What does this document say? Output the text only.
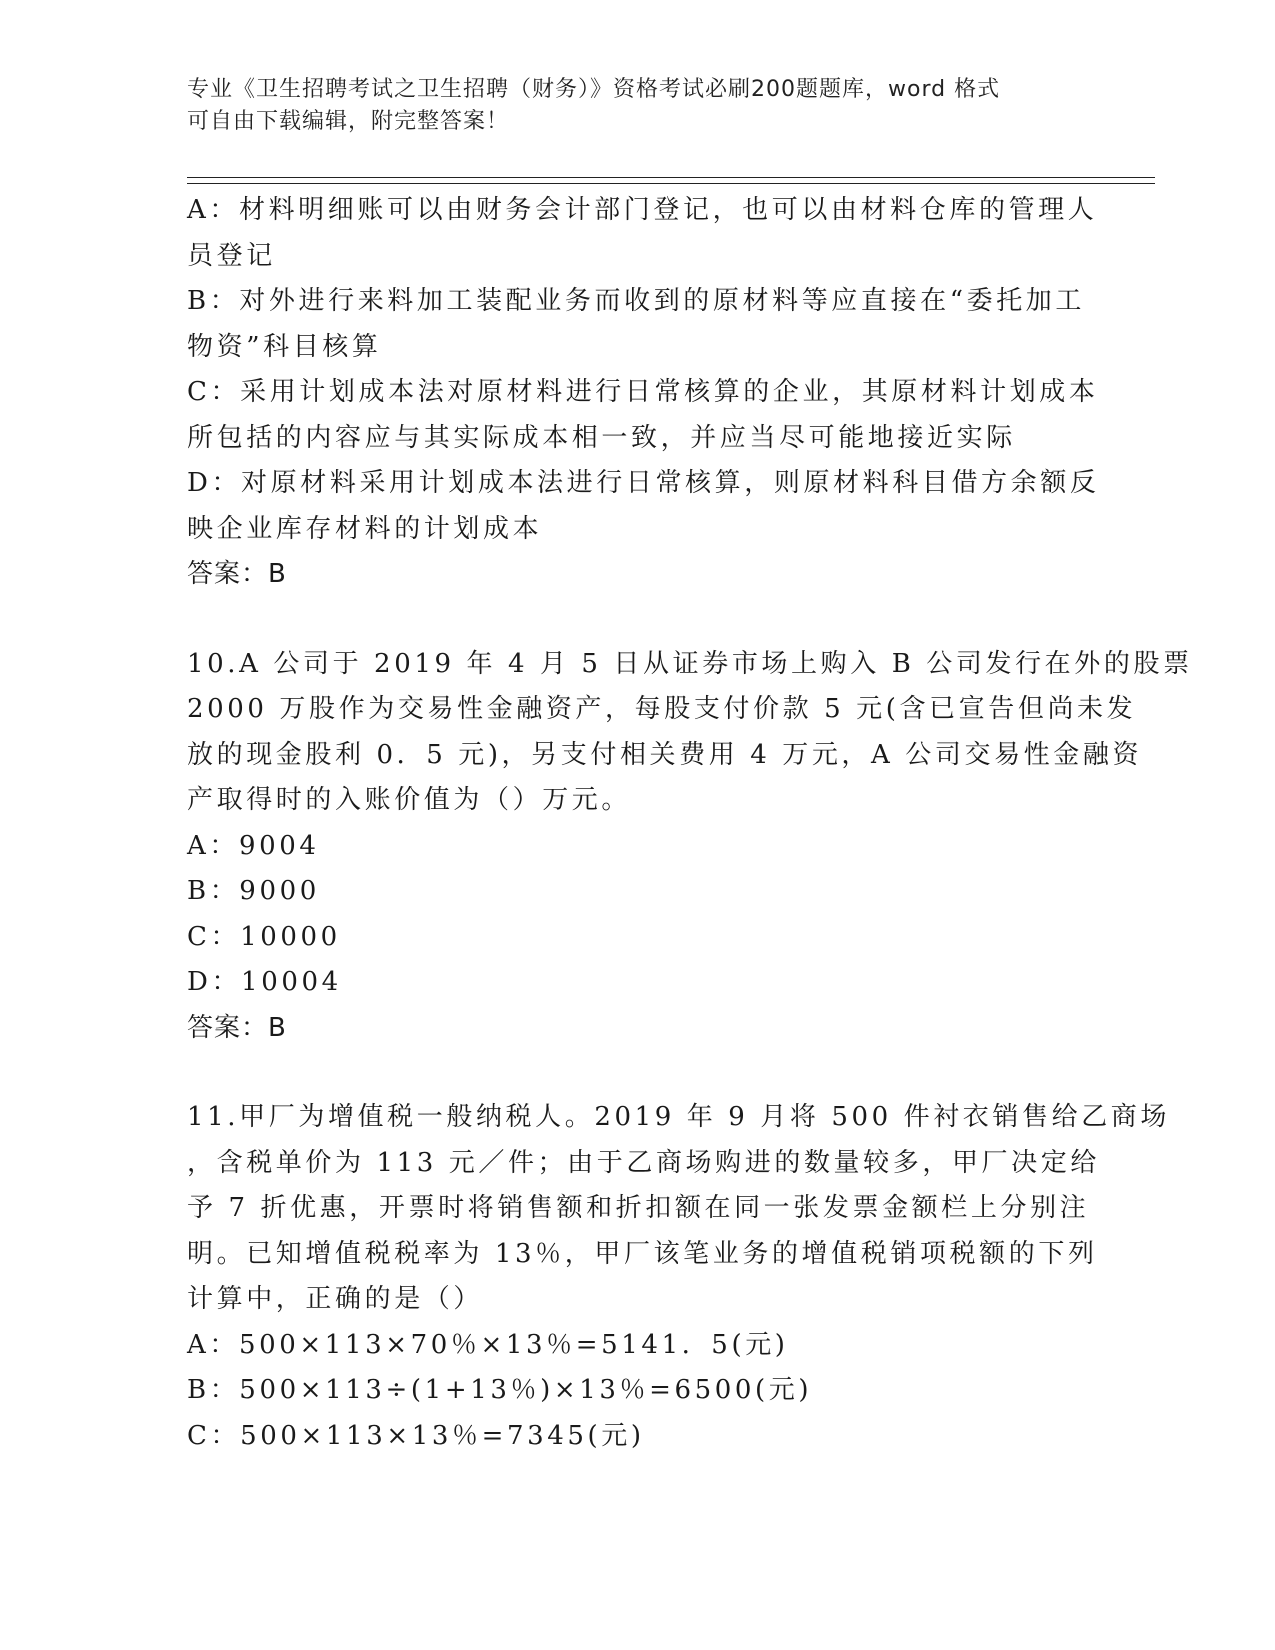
专业《卫生招聘考试之卫生招聘（财务）》资格考试必刷200题题库，word 格式
可自由下载编辑，附完整答案！
A：材料明细账可以由财务会计部门登记，也可以由材料仓库的管理人
员登记
B：对外进行来料加工装配业务而收到的原材料等应直接在“委托加工
物资”科目核算
C：采用计划成本法对原材料进行日常核算的企业，其原材料计划成本
所包括的内容应与其实际成本相一致，并应当尽可能地接近实际
D：对原材料采用计划成本法进行日常核算，则原材料科目借方余额反
映企业库存材料的计划成本
答案：B
10.A 公司于 2019 年 4 月 5 日从证券市场上购入 B 公司发行在外的股票
2000 万股作为交易性金融资产，每股支付价款 5 元(含已宣告但尚未发
放的现金股利 0．5 元)，另支付相关费用 4 万元，A 公司交易性金融资
产取得时的入账价值为（）万元。
A：9004
B：9000
C：10000
D：10004
答案：B
11.甲厂为增值税一般纳税人。2019 年 9 月将 500 件衬衣销售给乙商场
，含税单价为 113 元／件；由于乙商场购进的数量较多，甲厂决定给
予 7 折优惠，开票时将销售额和折扣额在同一张发票金额栏上分别注
明。已知增值税税率为 13％，甲厂该笔业务的增值税销项税额的下列
计算中，正确的是（）
A：500×113×70％×13％=5141．5(元)
B：500×113÷(1+13％)×13％=6500(元)
C：500×113×13％=7345(元)
